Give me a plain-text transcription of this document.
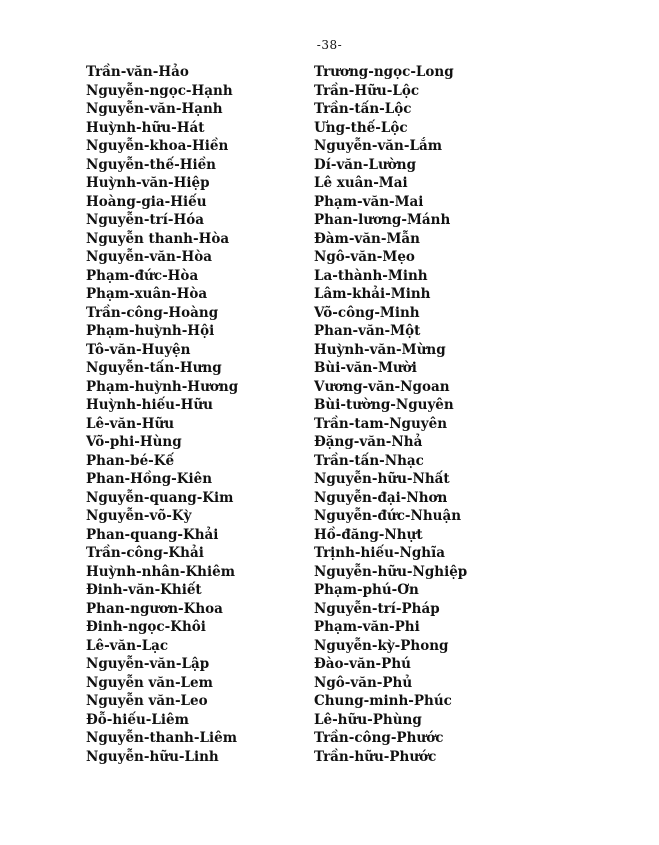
-38-
Trần-văn-Hảo
Nguyễn-ngọc-Hạnh
Nguyễn-văn-Hạnh
Huỳnh-hữu-Hát
Nguyễn-khoa-Hiền
Nguyễn-thế-Hiền
Huỳnh-văn-Hiệp
Hoàng-gia-Hiếu
Nguyễn-trí-Hóa
Nguyễn thanh-Hòa
Nguyễn-văn-Hòa
Phạm-đức-Hòa
Phạm-xuân-Hòa
Trần-công-Hoàng
Phạm-huỳnh-Hội
Tô-văn-Huyện
Nguyễn-tấn-Hưng
Phạm-huỳnh-Hương
Huỳnh-hiếu-Hữu
Lê-văn-Hữu
Võ-phi-Hùng
Phan-bé-Kế
Phan-Hồng-Kiên
Nguyễn-quang-Kim
Nguyễn-võ-Kỳ
Phan-quang-Khải
Trần-công-Khải
Huỳnh-nhân-Khiêm
Đinh-văn-Khiết
Phan-ngươn-Khoa
Đinh-ngọc-Khôi
Lê-văn-Lạc
Nguyễn-văn-Lập
Nguyễn văn-Lem
Nguyễn văn-Leo
Đỗ-hiếu-Liêm
Nguyễn-thanh-Liêm
Nguyễn-hữu-Linh
Trương-ngọc-Long
Trần-Hữu-Lộc
Trần-tấn-Lộc
Ưng-thế-Lộc
Nguyễn-văn-Lắm
Dí-văn-Lường
Lê xuân-Mai
Phạm-văn-Mai
Phan-lương-Mánh
Đàm-văn-Mẫn
Ngô-văn-Mẹo
La-thành-Minh
Lâm-khải-Minh
Võ-công-Minh
Phan-văn-Một
Huỳnh-văn-Mừng
Bùi-văn-Mười
Vương-văn-Ngoan
Bùi-tường-Nguyên
Trần-tam-Nguyên
Đặng-văn-Nhả
Trần-tấn-Nhạc
Nguyễn-hữu-Nhất
Nguyễn-đại-Nhơn
Nguyễn-đức-Nhuận
Hồ-đăng-Nhựt
Trịnh-hiếu-Nghĩa
Nguyễn-hữu-Nghiệp
Phạm-phú-Ơn
Nguyễn-trí-Pháp
Phạm-văn-Phi
Nguyễn-kỳ-Phong
Đào-văn-Phú
Ngô-văn-Phủ
Chung-minh-Phúc
Lê-hữu-Phùng
Trần-công-Phước
Trần-hữu-Phước
